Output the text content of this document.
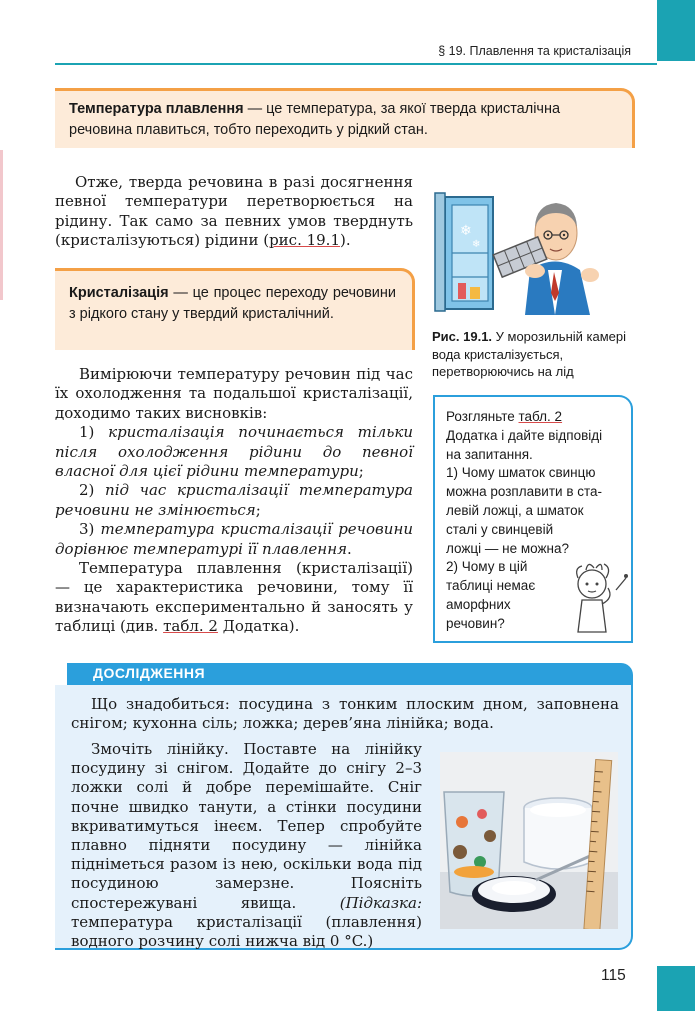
§ 19. Плавлення та кристалізація
Температура плавлення — це температура, за якої тверда кристалічна речовина плавиться, тобто переходить у рідкий стан.
Отже, тверда речовина в разі досягнення певної температури перетворюється на рідину. Так само за певних умов тверднуть (кристалізуються) рідини (рис. 19.1).
Кристалізація — це процес переходу речовини з рідкого стану у твердий кристалічний.
Вимірюючи температуру речовин під час їх охолодження та подальшої кристалізації, доходимо таких висновків:
1) кристалізація починається тільки після охолодження рідини до певної власної для цієї рідини температури;
2) під час кристалізації температура речовини не змінюється;
3) температура кристалізації речовини дорівнює температурі її плавлення.
Температура плавлення (кристалізації) — це характеристика речовини, тому її визначають експериментально й заносять у таблиці (див. табл. 2 Додатка).
❄
❄
Рис. 19.1. У морозильній камері вода кристалізується, перетворюючись на лід
Розгляньте табл. 2
Додатка і дайте відповіді
на запитання.
1) Чому шматок свинцю
можна розплавити в ста-
левій ложці, а шматок
сталі у свинцевій
ложці — не можна?
2) Чому в цій
таблиці немає
аморфних
речовин?
ДОСЛІДЖЕННЯ
Що знадобиться: посудина з тонким плоским дном, заповнена снігом; кухонна сіль; ложка; дерев’яна лінійка; вода.
Змочіть лінійку. Поставте на лінійку посудину зі снігом. Додайте до снігу 2–3 ложки солі й добре перемішайте. Сніг почне швидко танути, а стінки посудини вкриватимуться інеєм. Тепер спробуйте плавно підняти посудину — лінійка підніметься разом із нею, оскільки вода під посудиною замерзне. Поясніть спостережувані явища.	(Підказка: температура кристалізації (плавлення) водного розчину солі нижча від 0 °C.)
115
